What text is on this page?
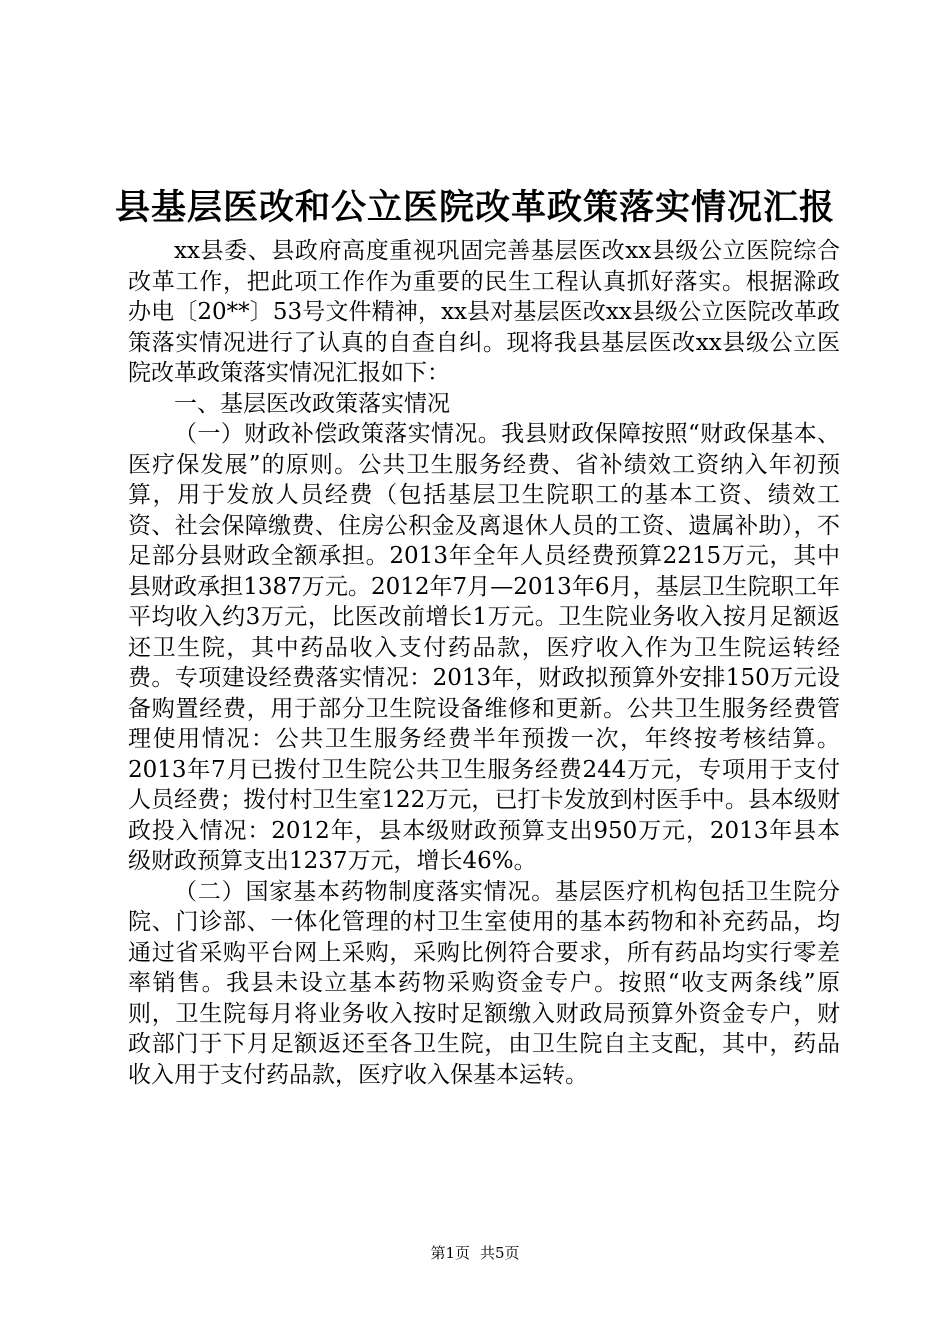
县基层医改和公立医院改革政策落实情况汇报

xx县委、县政府高度重视巩固完善基层医改xx县级公立医院综合改革工作，把此项工作作为重要的民生工程认真抓好落实。根据滁政办电〔20**〕53号文件精神，xx县对基层医改xx县级公立医院改革政策落实情况进行了认真的自查自纠。现将我县基层医改xx县级公立医院改革政策落实情况汇报如下：

一、基层医改政策落实情况

（一）财政补偿政策落实情况。我县财政保障按照“财政保基本、医疗保发展”的原则。公共卫生服务经费、省补绩效工资纳入年初预算，用于发放人员经费（包括基层卫生院职工的基本工资、绩效工资、社会保障缴费、住房公积金及离退休人员的工资、遗属补助），不足部分县财政全额承担。2013年全年人员经费预算2215万元，其中县财政承担1387万元。2012年7月—2013年6月，基层卫生院职工年平均收入约3万元，比医改前增长1万元。卫生院业务收入按月足额返还卫生院，其中药品收入支付药品款，医疗收入作为卫生院运转经费。专项建设经费落实情况：2013年，财政拟预算外安排150万元设备购置经费，用于部分卫生院设备维修和更新。公共卫生服务经费管理使用情况：公共卫生服务经费半年预拨一次，年终按考核结算。2013年7月已拨付卫生院公共卫生服务经费244万元，专项用于支付人员经费；拨付村卫生室122万元，已打卡发放到村医手中。县本级财政投入情况：2012年，县本级财政预算支出950万元，2013年县本级财政预算支出1237万元，增长46%。

（二）国家基本药物制度落实情况。基层医疗机构包括卫生院分院、门诊部、一体化管理的村卫生室使用的基本药物和补充药品，均通过省采购平台网上采购，采购比例符合要求，所有药品均实行零差率销售。我县未设立基本药物采购资金专户。按照“收支两条线”原则，卫生院每月将业务收入按时足额缴入财政局预算外资金专户，财政部门于下月足额返还至各卫生院，由卫生院自主支配，其中，药品收入用于支付药品款，医疗收入保基本运转。

第1页 共5页
